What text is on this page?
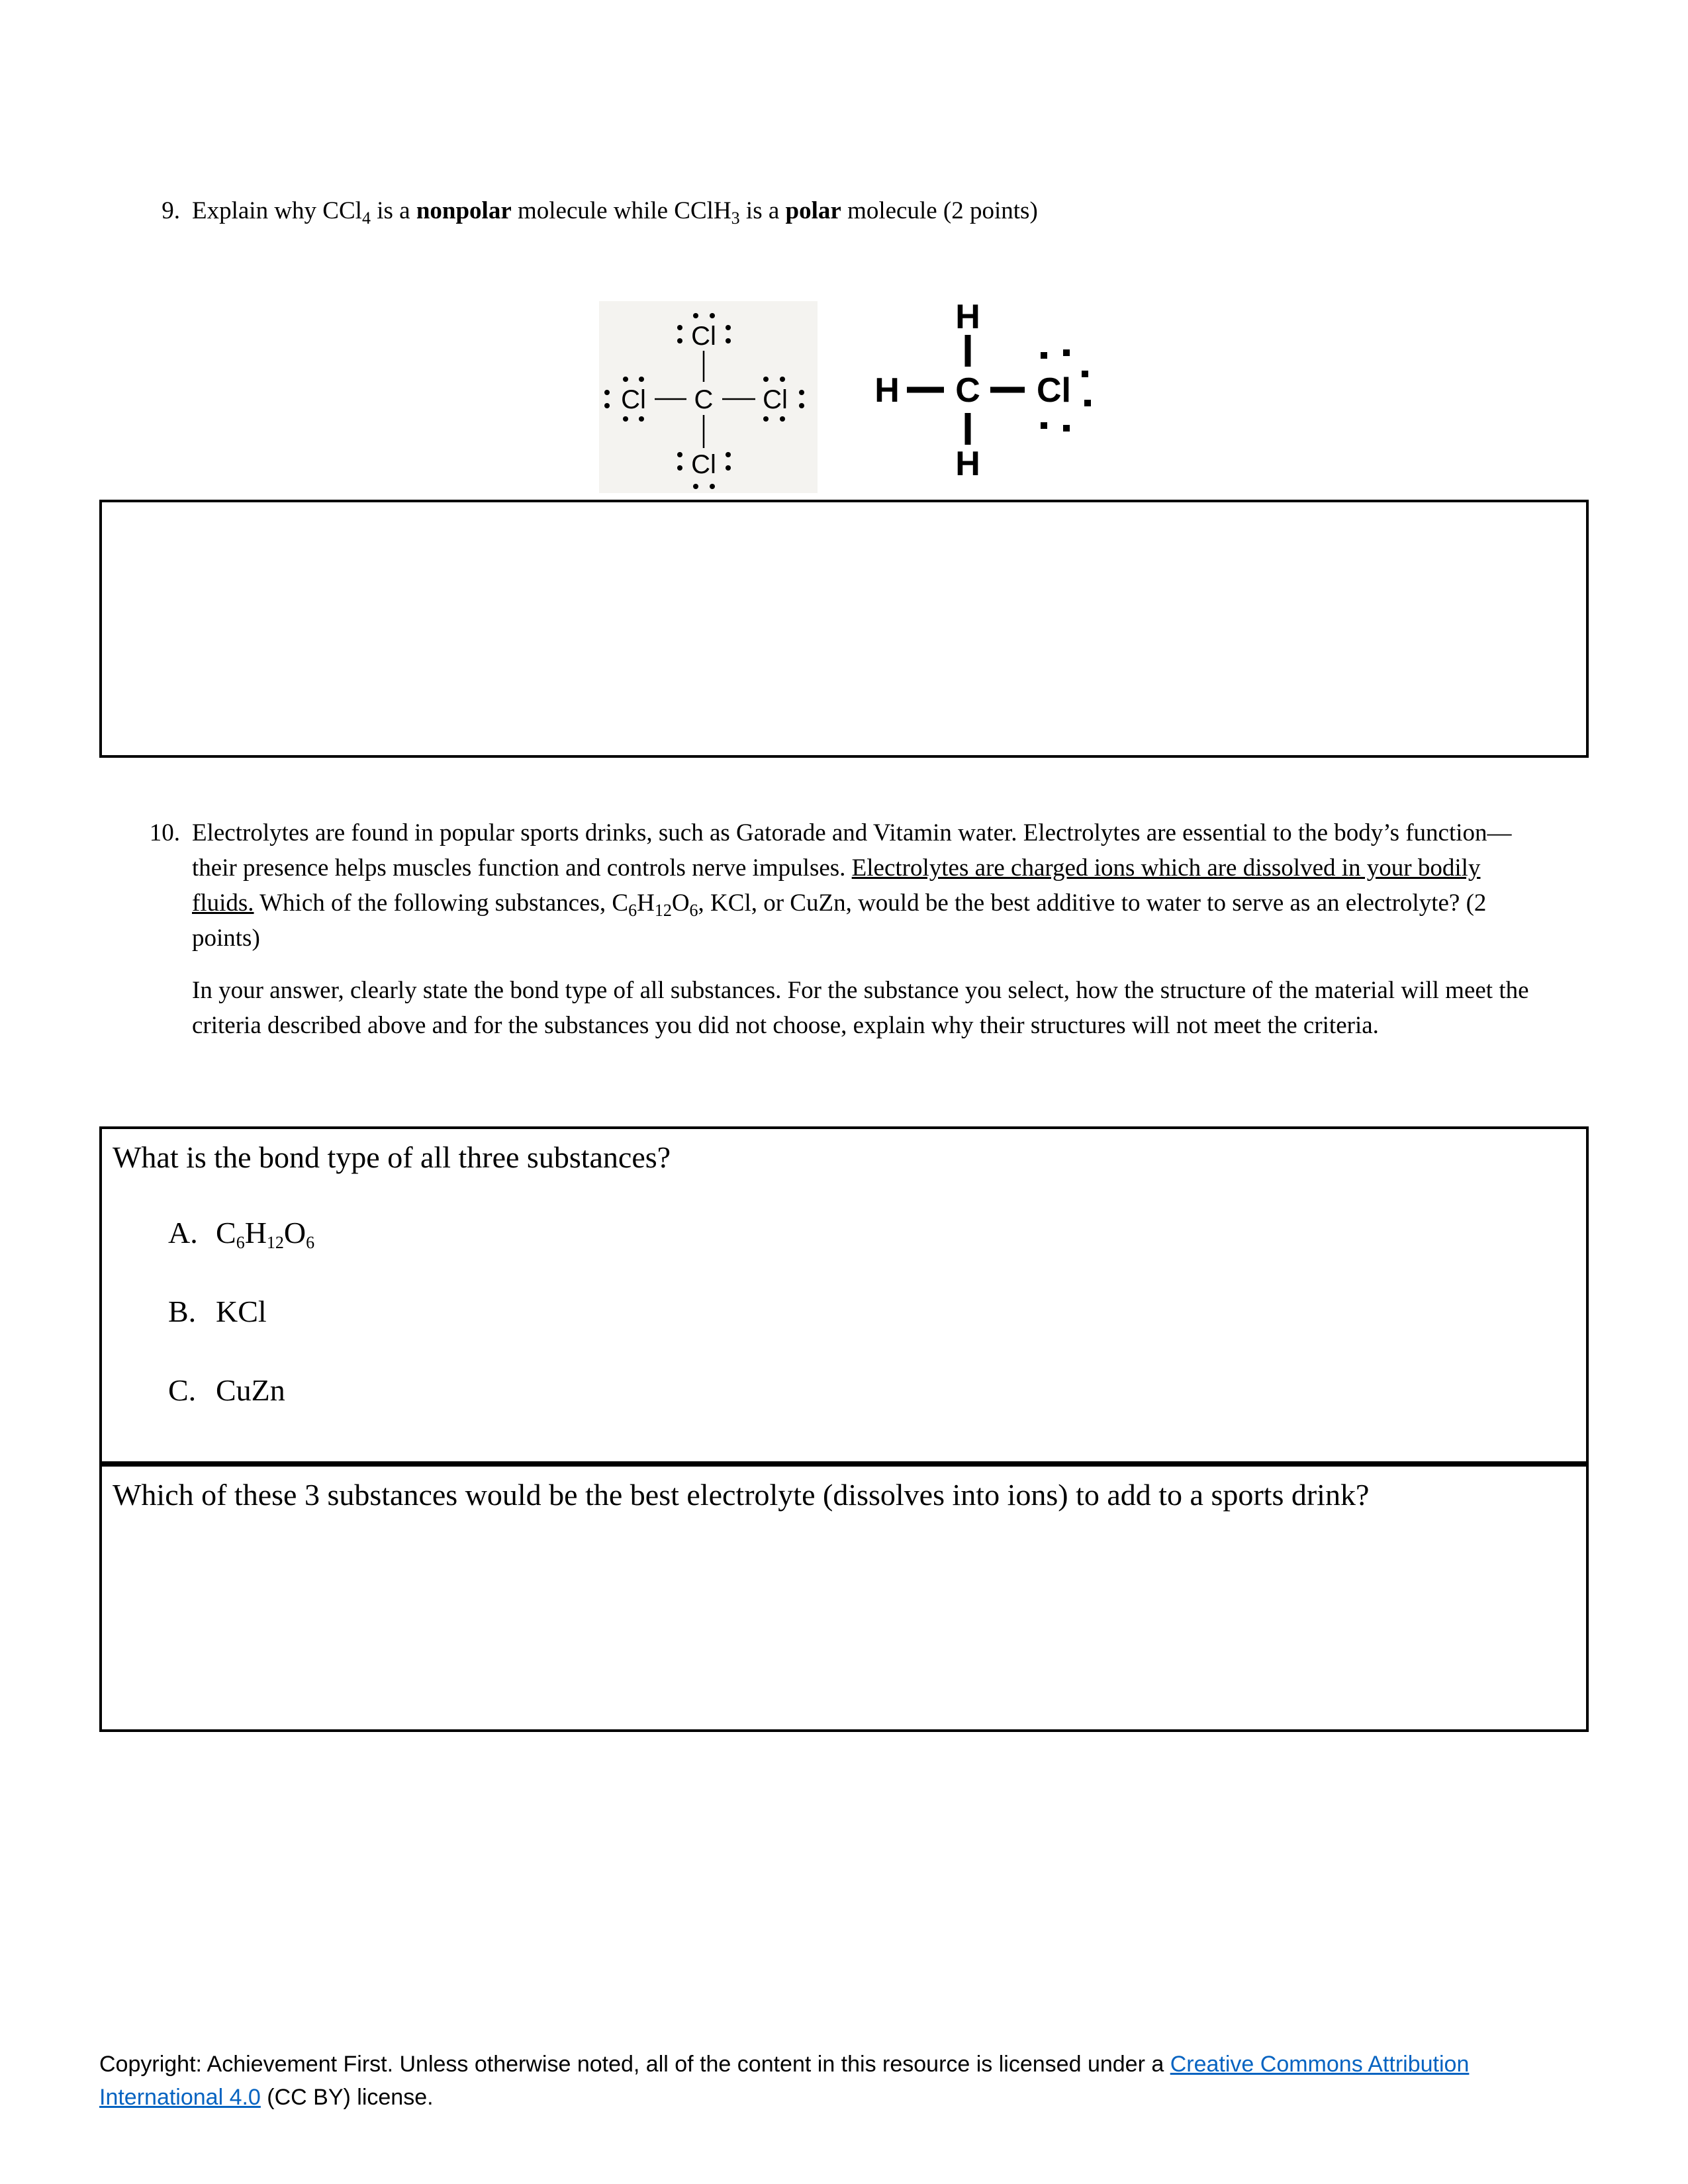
9. Explain why CCl$_4$ is a nonpolar molecule while CClH$_3$ is a polar molecule (2 points)
C
Cl
Cl	Cl
Cl
C
H
H
H
Cl
10. Electrolytes are found in popular sports drinks, such as Gatorade and Vitamin water. Electrolytes are essential to the body’s function—their presence helps muscles function and controls nerve impulses. Electrolytes are charged ions which are dissolved in your bodily fluids. Which of the following substances, $C_6H_{12}O_6$, KCl, or CuZn, would be the best additive to water to serve as an electrolyte? (2 points)
In your answer, clearly state the bond type of all substances. For the substance you select, how the structure of the material will meet the criteria described above and for the substances you did not choose, explain why their structures will not meet the criteria.
What is the bond type of all three substances?
A. $C_6H_{12}O_6$
B. KCl
C. CuZn
Which of these 3 substances would be the best electrolyte (dissolves into ions) to add to a sports drink?
Copyright: Achievement First. Unless otherwise noted, all of the content in this resource is licensed under a Creative Commons Attribution
International 4.0 (CC BY) license.
